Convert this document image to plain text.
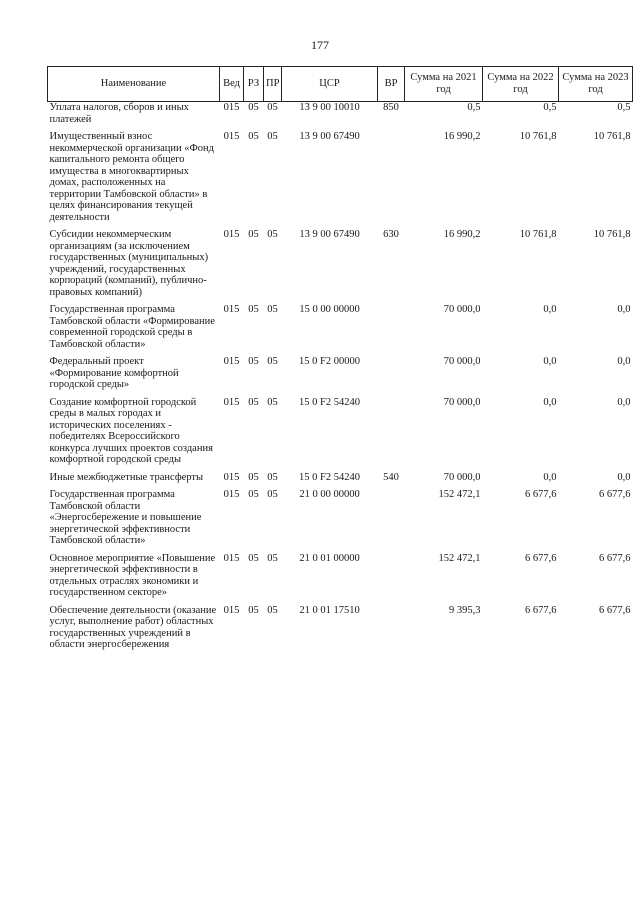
177
Наименование	Вед	РЗ	ПР	ЦСР	ВР	Сумма на 2021 год	Сумма на 2022 год	Сумма на 2023 год
Уплата налогов, сборов и иных платежей	015	05	05	13 9 00 10010	850	0,5	0,5	0,5
Имущественный взнос некоммерческой организации «Фонд капитального ремонта общего имущества в многоквартирных домах, расположенных на территории Тамбовской области» в целях финансирования текущей деятельности	015	05	05	13 9 00 67490		16 990,2	10 761,8	10 761,8
Субсидии некоммерческим организациям (за исключением государственных (муниципальных) учреждений, государственных корпораций (компаний), публично-правовых компаний)	015	05	05	13 9 00 67490	630	16 990,2	10 761,8	10 761,8
Государственная программа Тамбовской области «Формирование современной городской среды в Тамбовской области»	015	05	05	15 0 00 00000		70 000,0	0,0	0,0
Федеральный проект «Формирование комфортной городской среды»	015	05	05	15 0 F2 00000		70 000,0	0,0	0,0
Создание комфортной городской среды в малых городах и исторических поселениях - победителях Всероссийского конкурса лучших проектов создания комфортной городской среды	015	05	05	15 0 F2 54240		70 000,0	0,0	0,0
Иные межбюджетные трансферты	015	05	05	15 0 F2 54240	540	70 000,0	0,0	0,0
Государственная программа Тамбовской области «Энергосбережение и повышение энергетической эффективности Тамбовской области»	015	05	05	21 0 00 00000		152 472,1	6 677,6	6 677,6
Основное мероприятие «Повышение энергетической эффективности в отдельных отраслях экономики и государственном секторе»	015	05	05	21 0 01 00000		152 472,1	6 677,6	6 677,6
Обеспечение деятельности (оказание услуг, выполнение работ) областных государственных учреждений в области энергосбережения	015	05	05	21 0 01 17510		9 395,3	6 677,6	6 677,6
